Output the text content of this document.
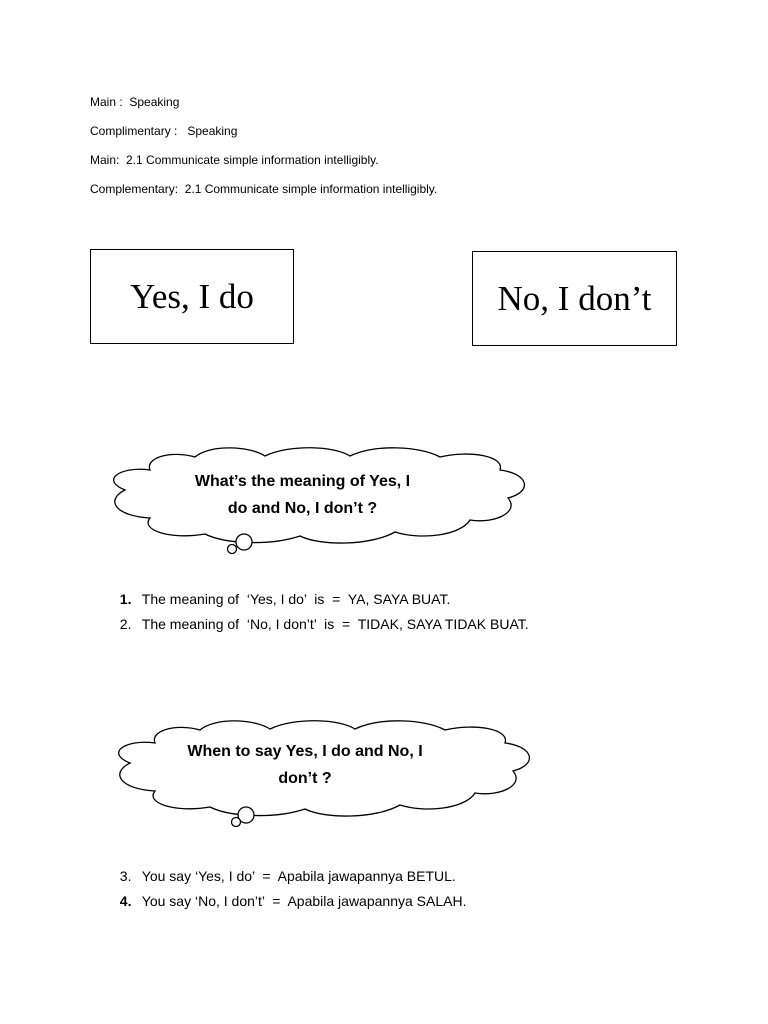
Main :  Speaking
Complimentary :   Speaking
Main:  2.1 Communicate simple information intelligibly.
Complementary:  2.1 Communicate simple information intelligibly.
Yes, I do	No, I don’t
What’s the meaning of Yes, I
do and No, I don’t ?

1. The meaning of  ‘Yes, I do’  is  =  YA, SAYA BUAT.

2. The meaning of  ‘No, I don’t’  is  =  TIDAK, SAYA TIDAK BUAT.

When to say Yes, I do and No, I
don’t ?

3. You say ‘Yes, I do’  =  Apabila jawapannya BETUL.

4. You say ‘No, I don’t’  =  Apabila jawapannya SALAH.
